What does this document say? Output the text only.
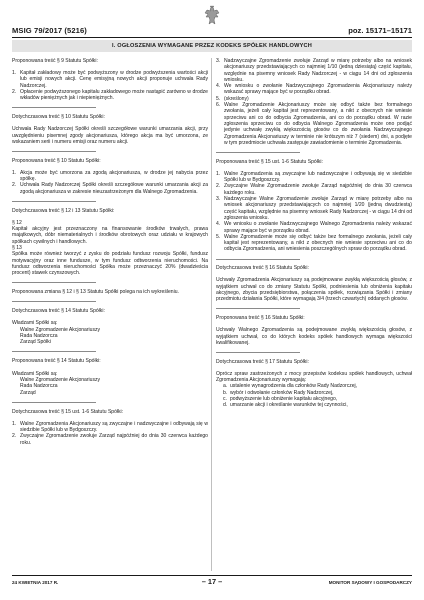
MSIG 79/2017 (5216)	poz. 15171–15171
I. OGŁOSZENIA WYMAGANE PRZEZ KODEKS SPÓŁEK HANDLOWYCH

Proponowana treść § 9 Statutu Spółki:

1. Kapitał zakładowy może być podwyższony w drodze podwyższenia wartości akcji lub emisji nowych akcji. Cenę emisyjną nowych akcji proponuje uchwała Rady Nadzorczej.
2. Opłacenie podwyższonego kapitału zakładowego może nastąpić zarówno w drodze wkładów pieniężnych jak i niepieniężnych.

Dotychczasowa treść § 10 Statutu Spółki:

Uchwała Rady Nadzorczej Spółki określi szczegółowe warunki umarzania akcji, przy uwzględnieniu pisemnej zgody akcjonariusza, którego akcja ma być umorzona, ze wskazaniem serii i numeru emisji oraz numeru akcji.

Proponowana treść § 10 Statutu Spółki:

1. Akcja może być umorzona za zgodą akcjonariusza, w drodze jej nabycia przez spółkę.
2. Uchwała Rady Nadzorczej Spółki określi szczegółowe warunki umarzania akcji za zgodą akcjonariusza w zakresie nieuzastrzeżonym dla Walnego Zgromadzenia.

Dotychczasowa treść § 12 i 13 Statutu Spółki:

§ 12

Kapitał akcyjny jest przeznaczony na finansowanie środków trwałych, prawa majątkowych, dóbr niematerialnych i środków obrotowych oraz udziału w krajowych spółkach cywilnych i handlowych.

§ 13

Spółka może również tworzyć z zysku do podziału fundusz rozwoju Spółki, fundusz motywacyjny oraz inne fundusze, w tym fundusz odtworzenia nieruchomości. Na fundusz odtworzenia nieruchomości Spółka może przeznaczyć 20% (dwadzieścia procent) stawek czynszowych.

Proponowana zmiana § 12 i § 13 Statutu Spółki polega na ich wykreśleniu.

Dotychczasowa treść § 14 Statutu Spółki:

Władzami Spółki są:

Walne Zgromadzenie Akcjonariuszy

Rada Nadzorcza

Zarząd Spółki

Proponowana treść § 14 Statutu Spółki:

Władzami Spółki są:

Walne Zgromadzenie Akcjonariuszy

Rada Nadzorcza

Zarząd

Dotychczasowa treść § 15 ust. 1-6 Statutu Spółki:

1. Walne Zgromadzenia Akcjonariuszy są zwyczajne i nadzwyczajne i odbywają się w siedzibie Spółki lub w Bydgoszczy.
2. Zwyczajne Zgromadzenie zwołuje Zarząd najpóźniej do dnia 30 czerwca każdego roku.
3. Nadzwyczajne Zgromadzenie zwołuje Zarząd w miarę potrzeby albo na wniosek akcjonariuszy przedstawiających co najmniej 1/10 (jedną dziesiątą) część kapitału, względnie na pisemny wniosek Rady Nadzorczej - w ciągu 14 dni od zgłoszenia wniosku.
4. We wniosku o zwołanie Nadzwyczajnego Zgromadzenia Akcjonariuszy należy wskazać sprawy mające być w porządku obrad.
5. (skreślony)
6. Walne Zgromadzenie Akcjonariuszy może się odbyć także bez formalnego zwołania, jeżeli cały kapitał jest reprezentowany, a nikt z obecnych nie wniesie sprzeciwu ani co do odbycia Zgromadzenia, ani co do porządku obrad. W razie zgłoszenia sprzeciwu co do odbycia Walnego Zgromadzenia może ono podjąć jedynie uchwałę zwykłą większością głosów co do zwołania Nadzwyczajnego Zgromadzenia Akcjonariuszy w terminie nie krótszym niż 7 (siedem) dni, a podjęte w tym przedmiocie uchwała zastępuje zawiadomienie o terminie Zgromadzenia.

Proponowana treść § 15 ust. 1-6 Statutu Spółki:

1. Walne Zgromadzenia są zwyczajne lub nadzwyczajne i odbywają się w siedzibie Spółki lub w Bydgoszczy.
2. Zwyczajne Walne Zgromadzenie zwołuje Zarząd najpóźniej do dnia 30 czerwca każdego roku.
3. Nadzwyczajne Walne Zgromadzenie zwołuje Zarząd w miarę potrzeby albo na wniosek akcjonariuszy przedstawiających co najmniej 1/20 (jedną dwudziestą) część kapitału, względnie na pisemny wniosek Rady Nadzorczej - w ciągu 14 dni od zgłoszenia wniosku.
4. We wniosku o zwołanie Nadzwyczajnego Walnego Zgromadzenia należy wskazać sprawy mające być w porządku obrad.
5. Walne Zgromadzenie może się odbyć także bez formalnego zwołania, jeżeli cały kapitał jest reprezentowany, a nikt z obecnych nie wniesie sprzeciwu ani co do odbycia Zgromadzenia, ani wniesienia poszczególnych spraw do porządku obrad.

Dotychczasowa treść § 16 Statutu Spółki:

Uchwały Zgromadzenia Akcjonariuszy są podejmowane zwykłą większością głosów, z wyjątkiem uchwał co do zmiany Statutu Spółki, podniesienia lub obniżenia kapitału akcyjnego, zbycia przedsiębiorstwa, połączenia spółek, rozwiązania Spółki i zmiany przedmiotu działania Spółki, które wymagają 3/4 (trzech czwartych) oddanych głosów.

Proponowana treść § 16 Statutu Spółki:

Uchwały Walnego Zgromadzenia są podejmowane zwykłą większością głosów, z wyjątkiem uchwał, co do których kodeks spółek handlowych wymaga większości kwalifikowanej.

Dotychczasowa treść § 17 Statutu Spółki:

Oprócz spraw zastrzeżonych z mocy przepisów kodeksu spółek handlowych, uchwał Zgromadzenia Akcjonariuszy wymagają:

a. ustalenie wynagrodzenia dla członków Rady Nadzorczej,
b. wybór i odwołanie członków Rady Nadzorczej,
c. podwyższenie lub obniżenie kapitału akcyjnego,
d. umarzanie akcji i określanie warunków tej czynności,
24 KWIETNIA 2017 R.	– 17 –	MONITOR SĄDOWY I GOSPODARCZY
